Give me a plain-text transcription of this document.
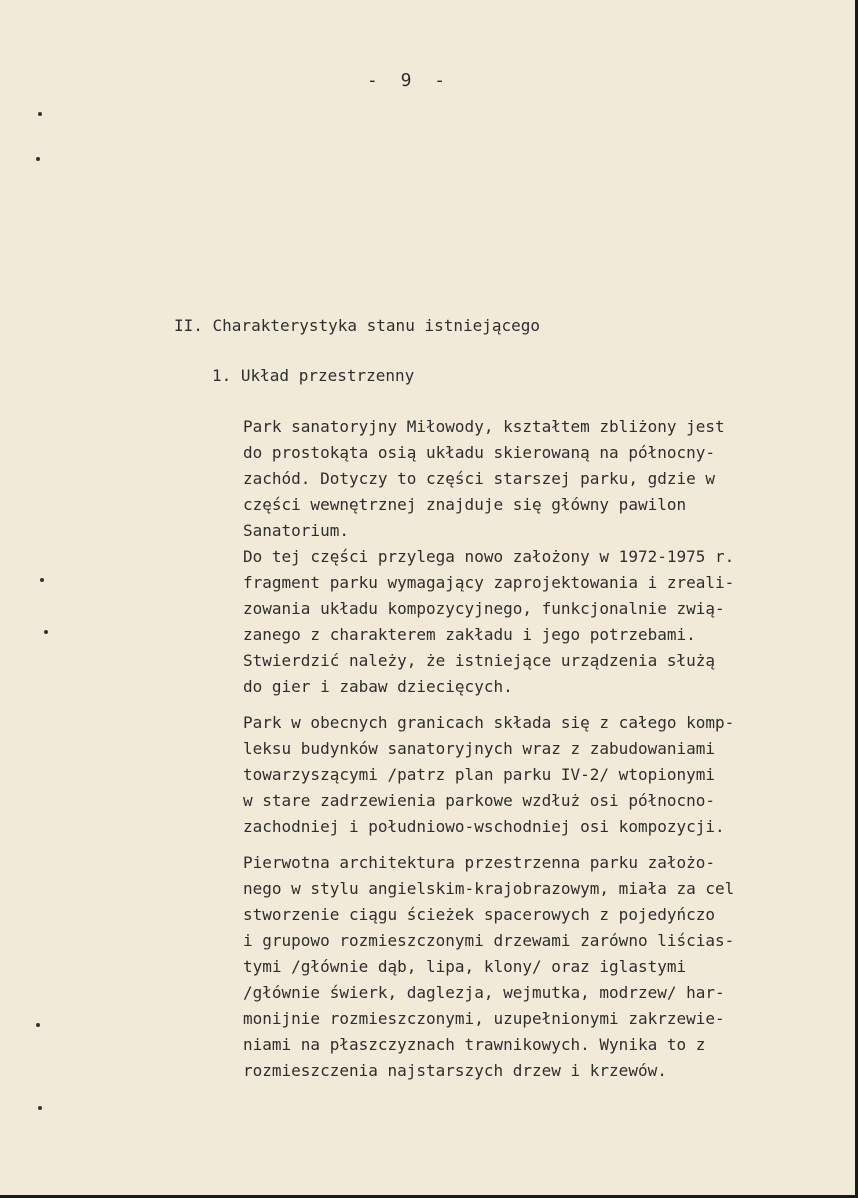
- 9 -
II. Charakterystyka stanu istniejącego
1. Układ przestrzenny
Park sanatoryjny Miłowody, kształtem zbliżony jest
do prostokąta osią układu skierowaną na północny-
zachód. Dotyczy to części starszej parku, gdzie w
części wewnętrznej znajduje się główny pawilon
Sanatorium.
Do tej części przylega nowo założony w 1972-1975 r.
fragment parku wymagający zaprojektowania i zreali-
zowania układu kompozycyjnego, funkcjonalnie zwią-
zanego z charakterem zakładu i jego potrzebami.
Stwierdzić należy, że istniejące urządzenia służą
do gier i zabaw dziecięcych.
Park w obecnych granicach składa się z całego komp-
leksu budynków sanatoryjnych wraz z zabudowaniami
towarzyszącymi /patrz plan parku IV-2/ wtopionymi
w stare zadrzewienia parkowe wzdłuż osi północno-
zachodniej i południowo-wschodniej osi kompozycji.
Pierwotna architektura przestrzenna parku założo-
nego w stylu angielskim-krajobrazowym, miała za cel
stworzenie ciągu ścieżek spacerowych z pojedyńczo
i grupowo rozmieszczonymi drzewami zarówno liścias-
tymi /głównie dąb, lipa, klony/ oraz iglastymi
/głównie świerk, daglezja, wejmutka, modrzew/ har-
monijnie rozmieszczonymi, uzupełnionymi zakrzewie-
niami na płaszczyznach trawnikowych. Wynika to z
rozmieszczenia najstarszych drzew i krzewów.
